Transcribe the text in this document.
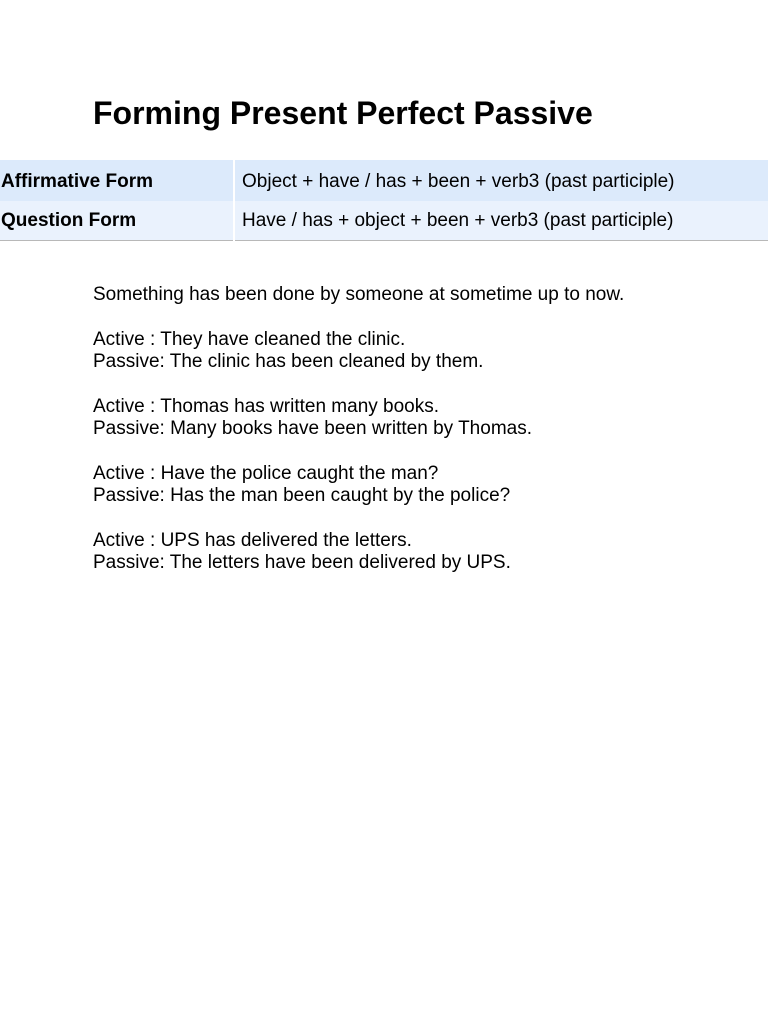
Forming Present Perfect Passive
Affirmative Form	Object + have / has + been + verb3 (past participle)
Question Form	Have / has + object + been + verb3 (past participle)

Something has been done by someone at sometime up to now.

Active : They have cleaned the clinic.
Passive: The clinic has been cleaned by them.

Active : Thomas has written many books.
Passive: Many books have been written by Thomas.

Active : Have the police caught the man?
Passive: Has the man been caught by the police?

Active : UPS has delivered the letters.
Passive: The letters have been delivered by UPS.
